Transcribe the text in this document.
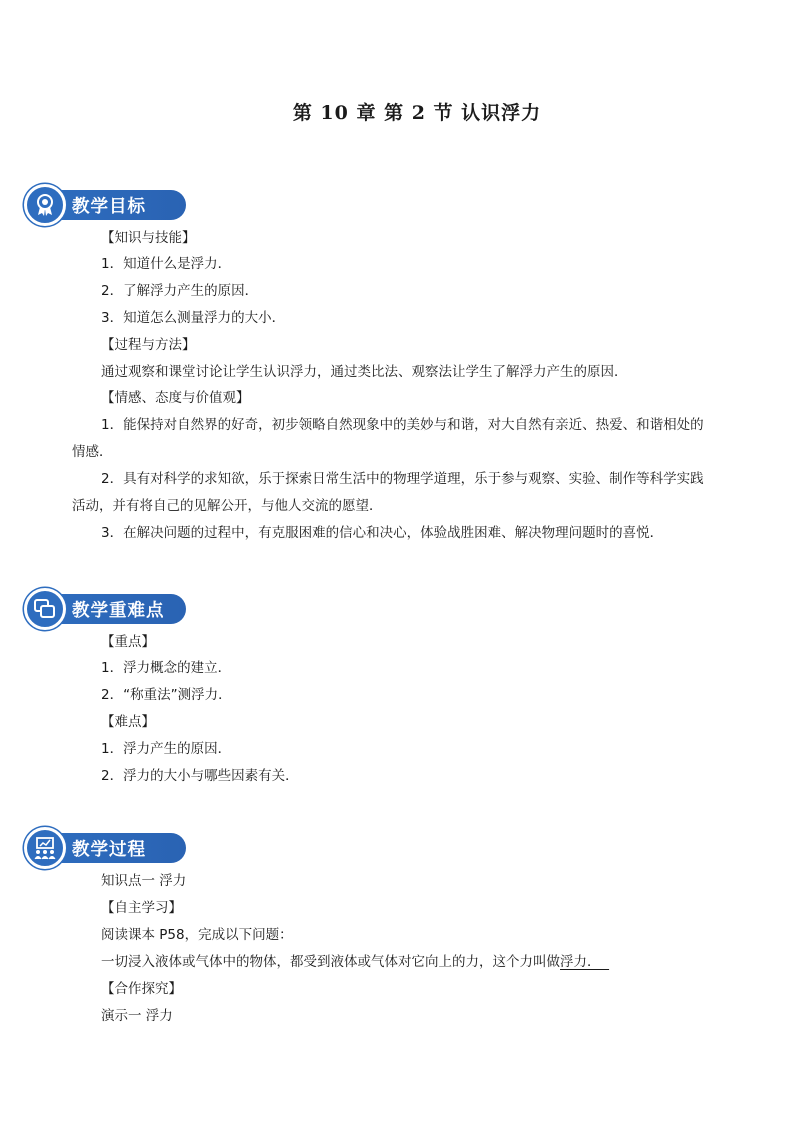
第 10 章 第 2 节 认识浮力
教学目标
【知识与技能】
1．知道什么是浮力．
2．了解浮力产生的原因．
3．知道怎么测量浮力的大小．
【过程与方法】
通过观察和课堂讨论让学生认识浮力，通过类比法、观察法让学生了解浮力产生的原因．
【情感、态度与价值观】
1．能保持对自然界的好奇，初步领略自然现象中的美妙与和谐，对大自然有亲近、热爱、和谐相处的
情感．
2．具有对科学的求知欲，乐于探索日常生活中的物理学道理，乐于参与观察、实验、制作等科学实践
活动，并有将自己的见解公开，与他人交流的愿望．
3．在解决问题的过程中，有克服困难的信心和决心，体验战胜困难、解决物理问题时的喜悦．
教学重难点
【重点】
1．浮力概念的建立．
2．“称重法”测浮力．
【难点】
1．浮力产生的原因．
2．浮力的大小与哪些因素有关．
教学过程
知识点一 浮力
【自主学习】
阅读课本 P58，完成以下问题：
一切浸入液体或气体中的物体，都受到液体或气体对它向上的力，这个力叫做浮力．
【合作探究】
演示一 浮力
